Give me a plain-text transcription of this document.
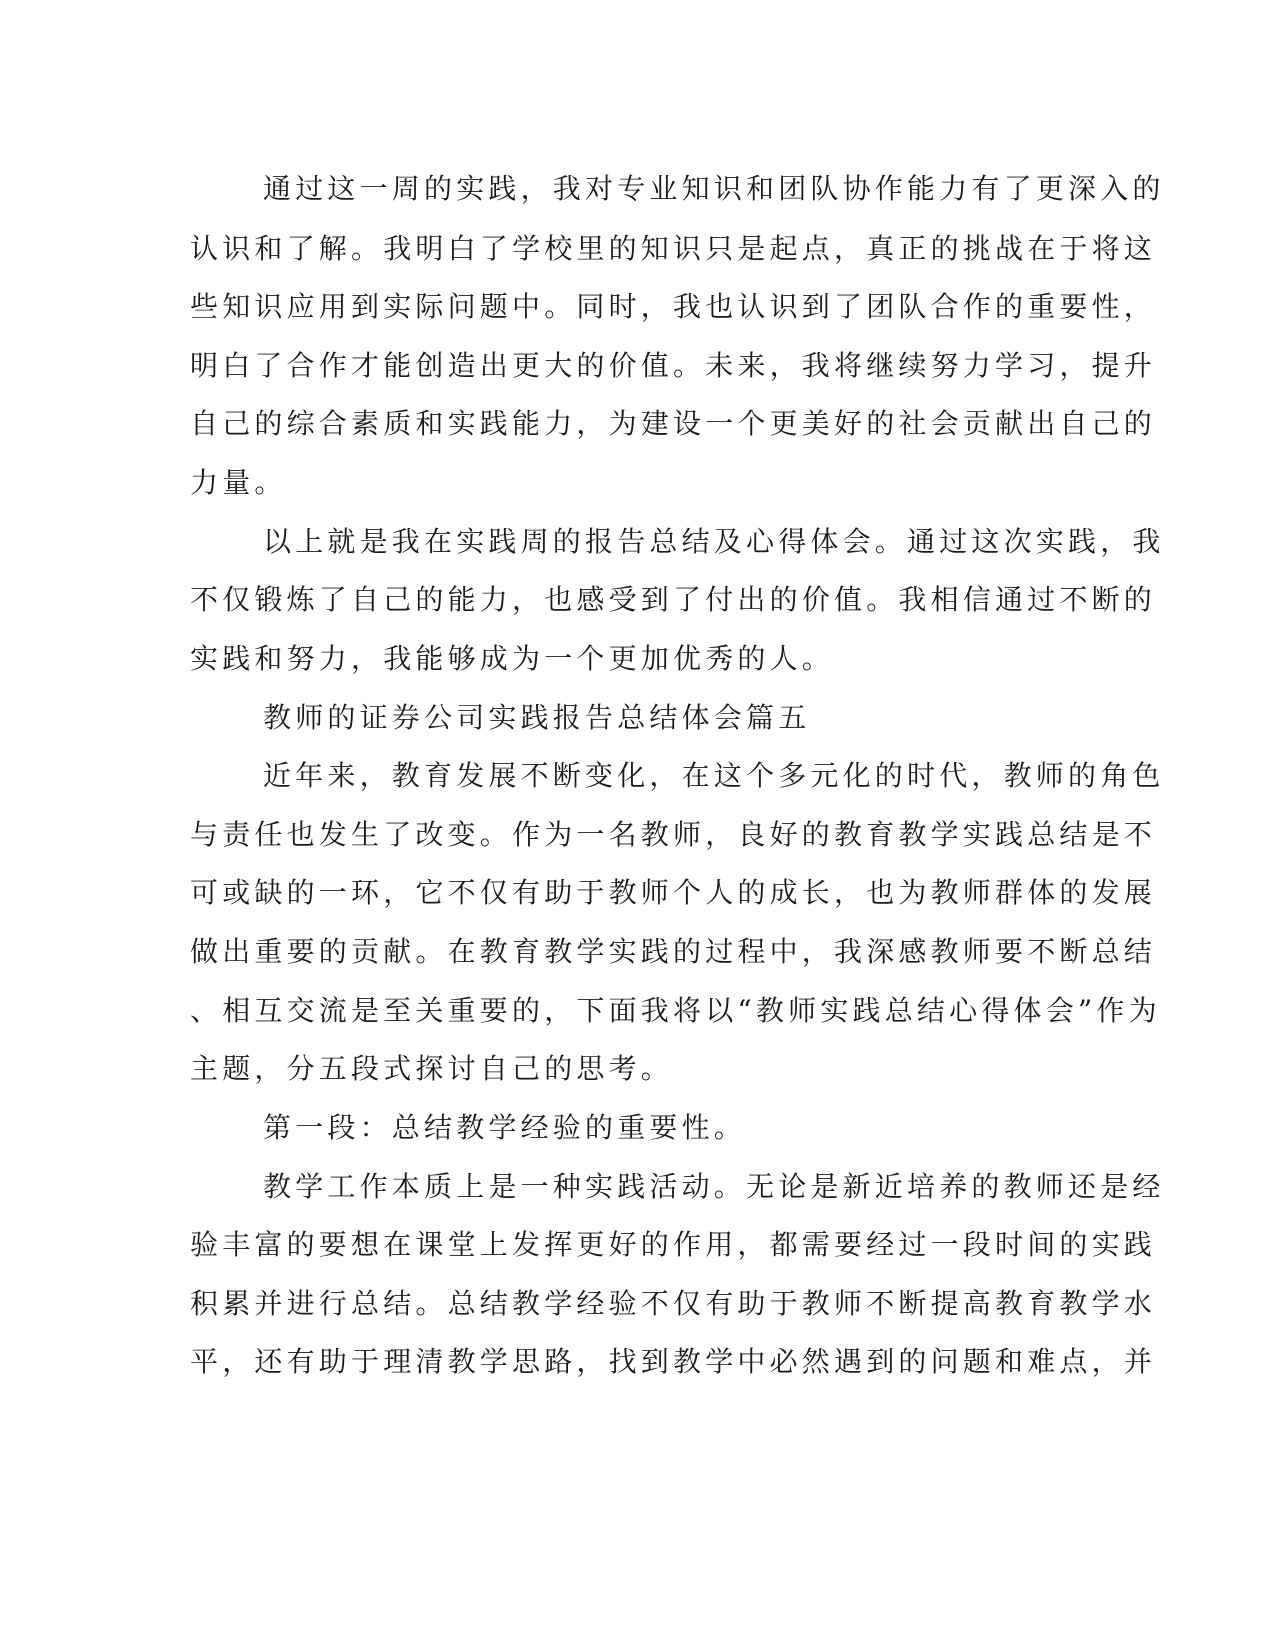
通过这一周的实践，我对专业知识和团队协作能力有了更深入的
认识和了解。我明白了学校里的知识只是起点，真正的挑战在于将这
些知识应用到实际问题中。同时，我也认识到了团队合作的重要性，
明白了合作才能创造出更大的价值。未来，我将继续努力学习，提升
自己的综合素质和实践能力，为建设一个更美好的社会贡献出自己的
力量。
以上就是我在实践周的报告总结及心得体会。通过这次实践，我
不仅锻炼了自己的能力，也感受到了付出的价值。我相信通过不断的
实践和努力，我能够成为一个更加优秀的人。
教师的证券公司实践报告总结体会篇五
近年来，教育发展不断变化，在这个多元化的时代，教师的角色
与责任也发生了改变。作为一名教师，良好的教育教学实践总结是不
可或缺的一环，它不仅有助于教师个人的成长，也为教师群体的发展
做出重要的贡献。在教育教学实践的过程中，我深感教师要不断总结
、相互交流是至关重要的，下面我将以“教师实践总结心得体会”作为
主题，分五段式探讨自己的思考。
第一段：总结教学经验的重要性。
教学工作本质上是一种实践活动。无论是新近培养的教师还是经
验丰富的要想在课堂上发挥更好的作用，都需要经过一段时间的实践
积累并进行总结。总结教学经验不仅有助于教师不断提高教育教学水
平，还有助于理清教学思路，找到教学中必然遇到的问题和难点，并
